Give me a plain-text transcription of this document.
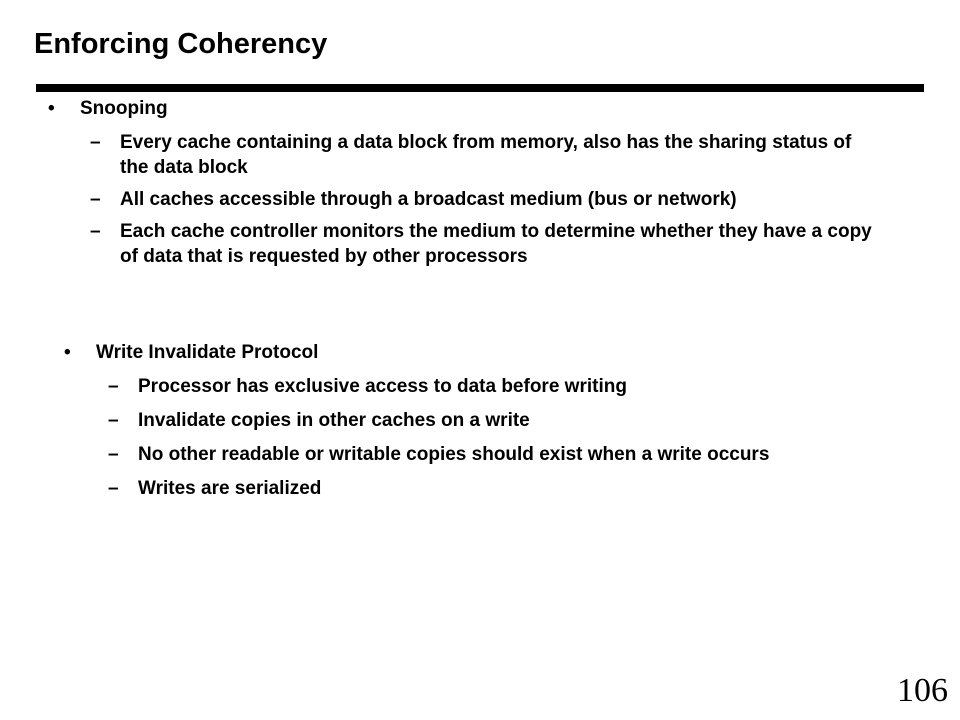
Enforcing Coherency
• Snooping
– Every cache containing a data block from memory, also has the sharing status of the data block
– All caches accessible through a broadcast medium (bus or network)
– Each cache controller monitors the medium to determine whether they have a copy of data that is requested by other processors
• Write Invalidate Protocol
– Processor has exclusive access to data before writing
– Invalidate copies in other caches on a write
– No other readable or writable copies should exist when a write occurs
– Writes are serialized
106
